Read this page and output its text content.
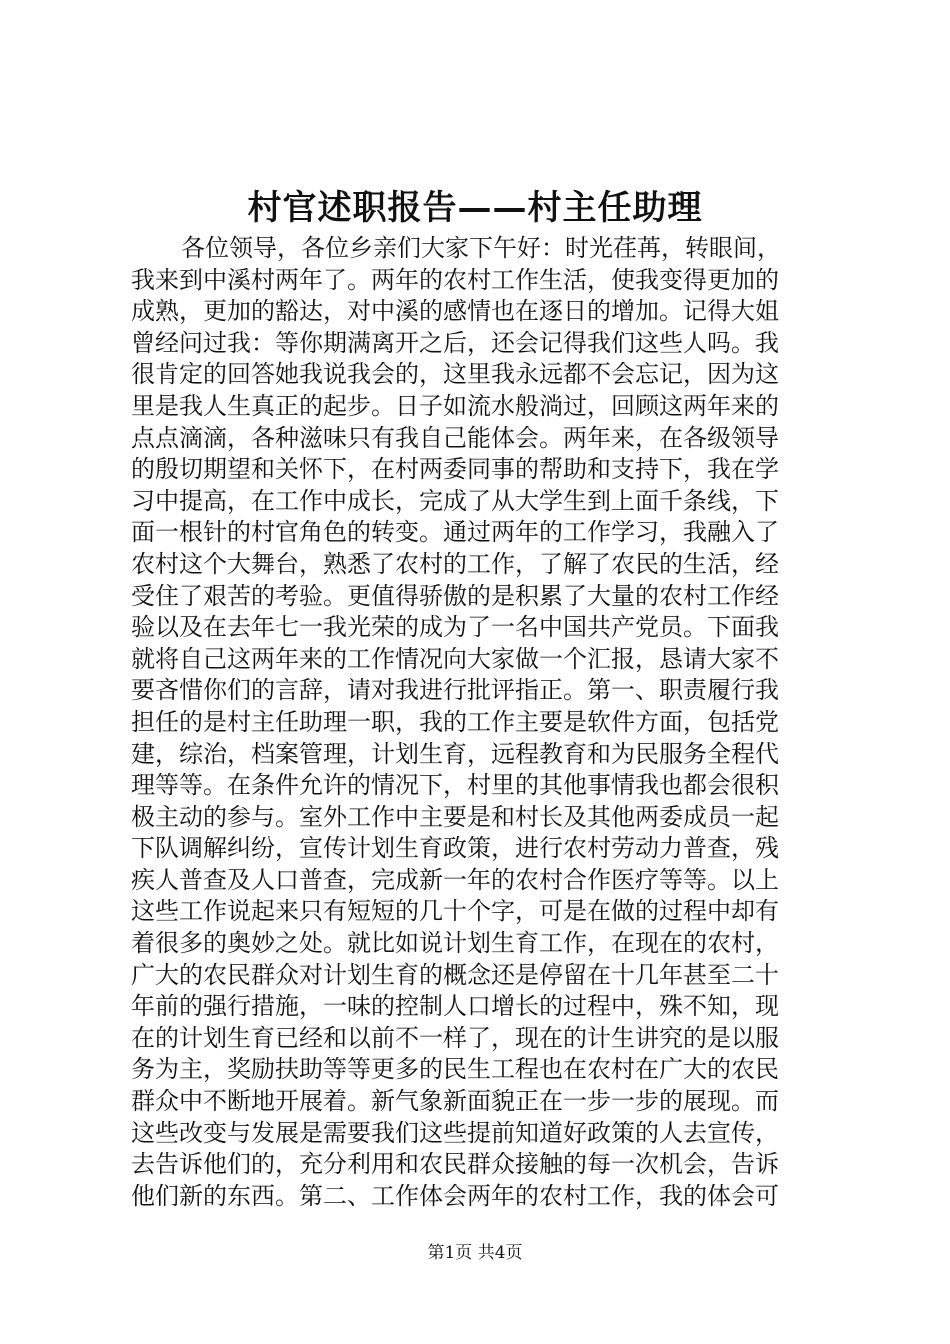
村官述职报告——村主任助理
各位领导，各位乡亲们大家下午好：时光荏苒，转眼间，
我来到中溪村两年了。两年的农村工作生活，使我变得更加的
成熟，更加的豁达，对中溪的感情也在逐日的增加。记得大姐
曾经问过我：等你期满离开之后，还会记得我们这些人吗。我
很肯定的回答她我说我会的，这里我永远都不会忘记，因为这
里是我人生真正的起步。日子如流水般淌过，回顾这两年来的
点点滴滴，各种滋味只有我自己能体会。两年来，在各级领导
的殷切期望和关怀下，在村两委同事的帮助和支持下，我在学
习中提高，在工作中成长，完成了从大学生到上面千条线，下
面一根针的村官角色的转变。通过两年的工作学习，我融入了
农村这个大舞台，熟悉了农村的工作，了解了农民的生活，经
受住了艰苦的考验。更值得骄傲的是积累了大量的农村工作经
验以及在去年七一我光荣的成为了一名中国共产党员。下面我
就将自己这两年来的工作情况向大家做一个汇报，恳请大家不
要吝惜你们的言辞，请对我进行批评指正。第一、职责履行我
担任的是村主任助理一职，我的工作主要是软件方面，包括党
建，综治，档案管理，计划生育，远程教育和为民服务全程代
理等等。在条件允许的情况下，村里的其他事情我也都会很积
极主动的参与。室外工作中主要是和村长及其他两委成员一起
下队调解纠纷，宣传计划生育政策，进行农村劳动力普查，残
疾人普查及人口普查，完成新一年的农村合作医疗等等。以上
这些工作说起来只有短短的几十个字，可是在做的过程中却有
着很多的奥妙之处。就比如说计划生育工作，在现在的农村，
广大的农民群众对计划生育的概念还是停留在十几年甚至二十
年前的强行措施，一味的控制人口增长的过程中，殊不知，现
在的计划生育已经和以前不一样了，现在的计生讲究的是以服
务为主，奖励扶助等等更多的民生工程也在农村在广大的农民
群众中不断地开展着。新气象新面貌正在一步一步的展现。而
这些改变与发展是需要我们这些提前知道好政策的人去宣传，
去告诉他们的，充分利用和农民群众接触的每一次机会，告诉
他们新的东西。第二、工作体会两年的农村工作，我的体会可
第1页 共4页
